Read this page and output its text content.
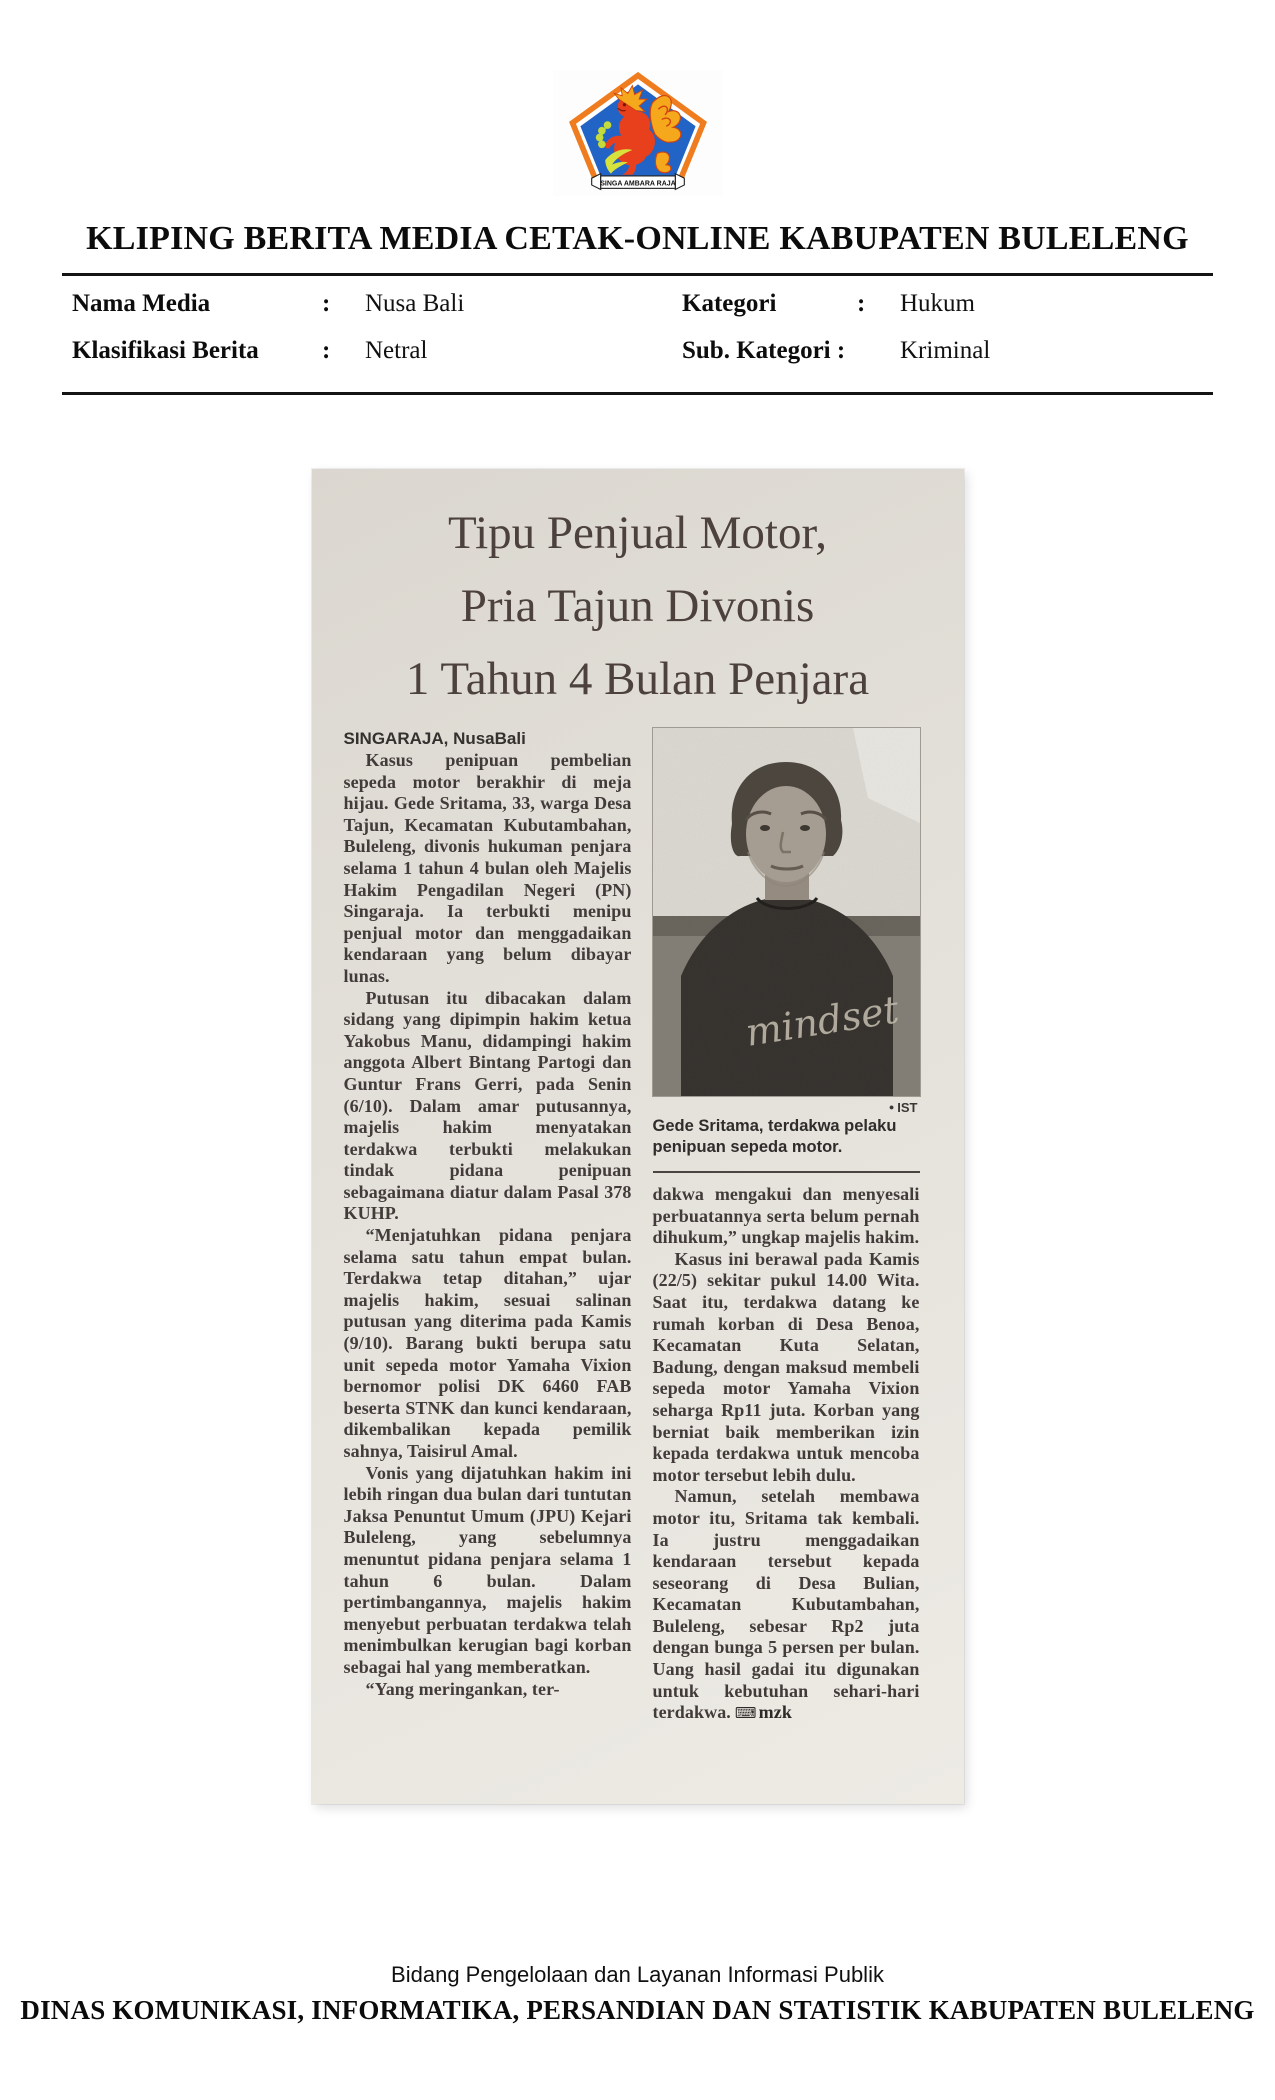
SINGA AMBARA RAJA
KLIPING BERITA MEDIA CETAK-ONLINE KABUPATEN BULELENG
Nama Media	:	Nusa Bali
Klasifikasi Berita	:	Netral
Kategori	:	Hukum
Sub. Kategori :	Kriminal
Tipu Penjual Motor,
Pria Tajun Divonis
1 Tahun 4 Bulan Penjara
SINGARAJA, NusaBali

Kasus penipuan pembelian sepeda motor berakhir di meja hijau. Gede Sritama, 33, warga Desa Tajun, Kecamatan Kubutambahan, Buleleng, divonis hukuman penjara selama 1 tahun 4 bulan oleh Majelis Hakim Pengadilan Negeri (PN) Singaraja. Ia terbukti menipu penjual motor dan menggadaikan kendaraan yang belum dibayar lunas.

Putusan itu dibacakan dalam sidang yang dipimpin hakim ketua Yakobus Manu, didampingi hakim anggota Albert Bintang Partogi dan Guntur Frans Gerri, pada Senin (6/10). Dalam amar putusannya, majelis hakim menyatakan terdakwa terbukti melakukan tindak pidana penipuan sebagaimana diatur dalam Pasal 378 KUHP.

“Menjatuhkan pidana penjara selama satu tahun empat bulan. Terdakwa tetap ditahan,” ujar majelis hakim, sesuai salinan putusan yang diterima pada Kamis (9/10). Barang bukti berupa satu unit sepeda motor Yamaha Vixion bernomor polisi DK 6460 FAB beserta STNK dan kunci kendaraan, dikembalikan kepada pemilik sahnya, Taisirul Amal.

Vonis yang dijatuhkan hakim ini lebih ringan dua bulan dari tuntutan Jaksa Penuntut Umum (JPU) Kejari Buleleng, yang sebelumnya menuntut pidana penjara selama 1 tahun 6 bulan. Dalam pertimbangannya, majelis hakim menyebut perbuatan terdakwa telah menimbulkan kerugian bagi korban sebagai hal yang memberatkan.

“Yang meringankan, ter-

mindset
● IST
Gede Sritama, terdakwa pelaku penipuan sepeda motor.

dakwa mengakui dan menyesali perbuatannya serta belum pernah dihukum,” ungkap majelis hakim.

Kasus ini berawal pada Kamis (22/5) sekitar pukul 14.00 Wita. Saat itu, terdakwa datang ke rumah korban di Desa Benoa, Kecamatan Kuta Selatan, Badung, dengan maksud membeli sepeda motor Yamaha Vixion seharga Rp11 juta. Korban yang berniat baik memberikan izin kepada terdakwa untuk mencoba motor tersebut lebih dulu.

Namun, setelah membawa motor itu, Sritama tak kembali. Ia justru menggadaikan kendaraan tersebut kepada seseorang di Desa Bulian, Kecamatan Kubutambahan, Buleleng, sebesar Rp2 juta dengan bunga 5 persen per bulan. Uang hasil gadai itu digunakan untuk kebutuhan sehari-hari terdakwa. ⌨ mzk

Bidang Pengelolaan dan Layanan Informasi Publik
DINAS KOMUNIKASI, INFORMATIKA, PERSANDIAN DAN STATISTIK KABUPATEN BULELENG
